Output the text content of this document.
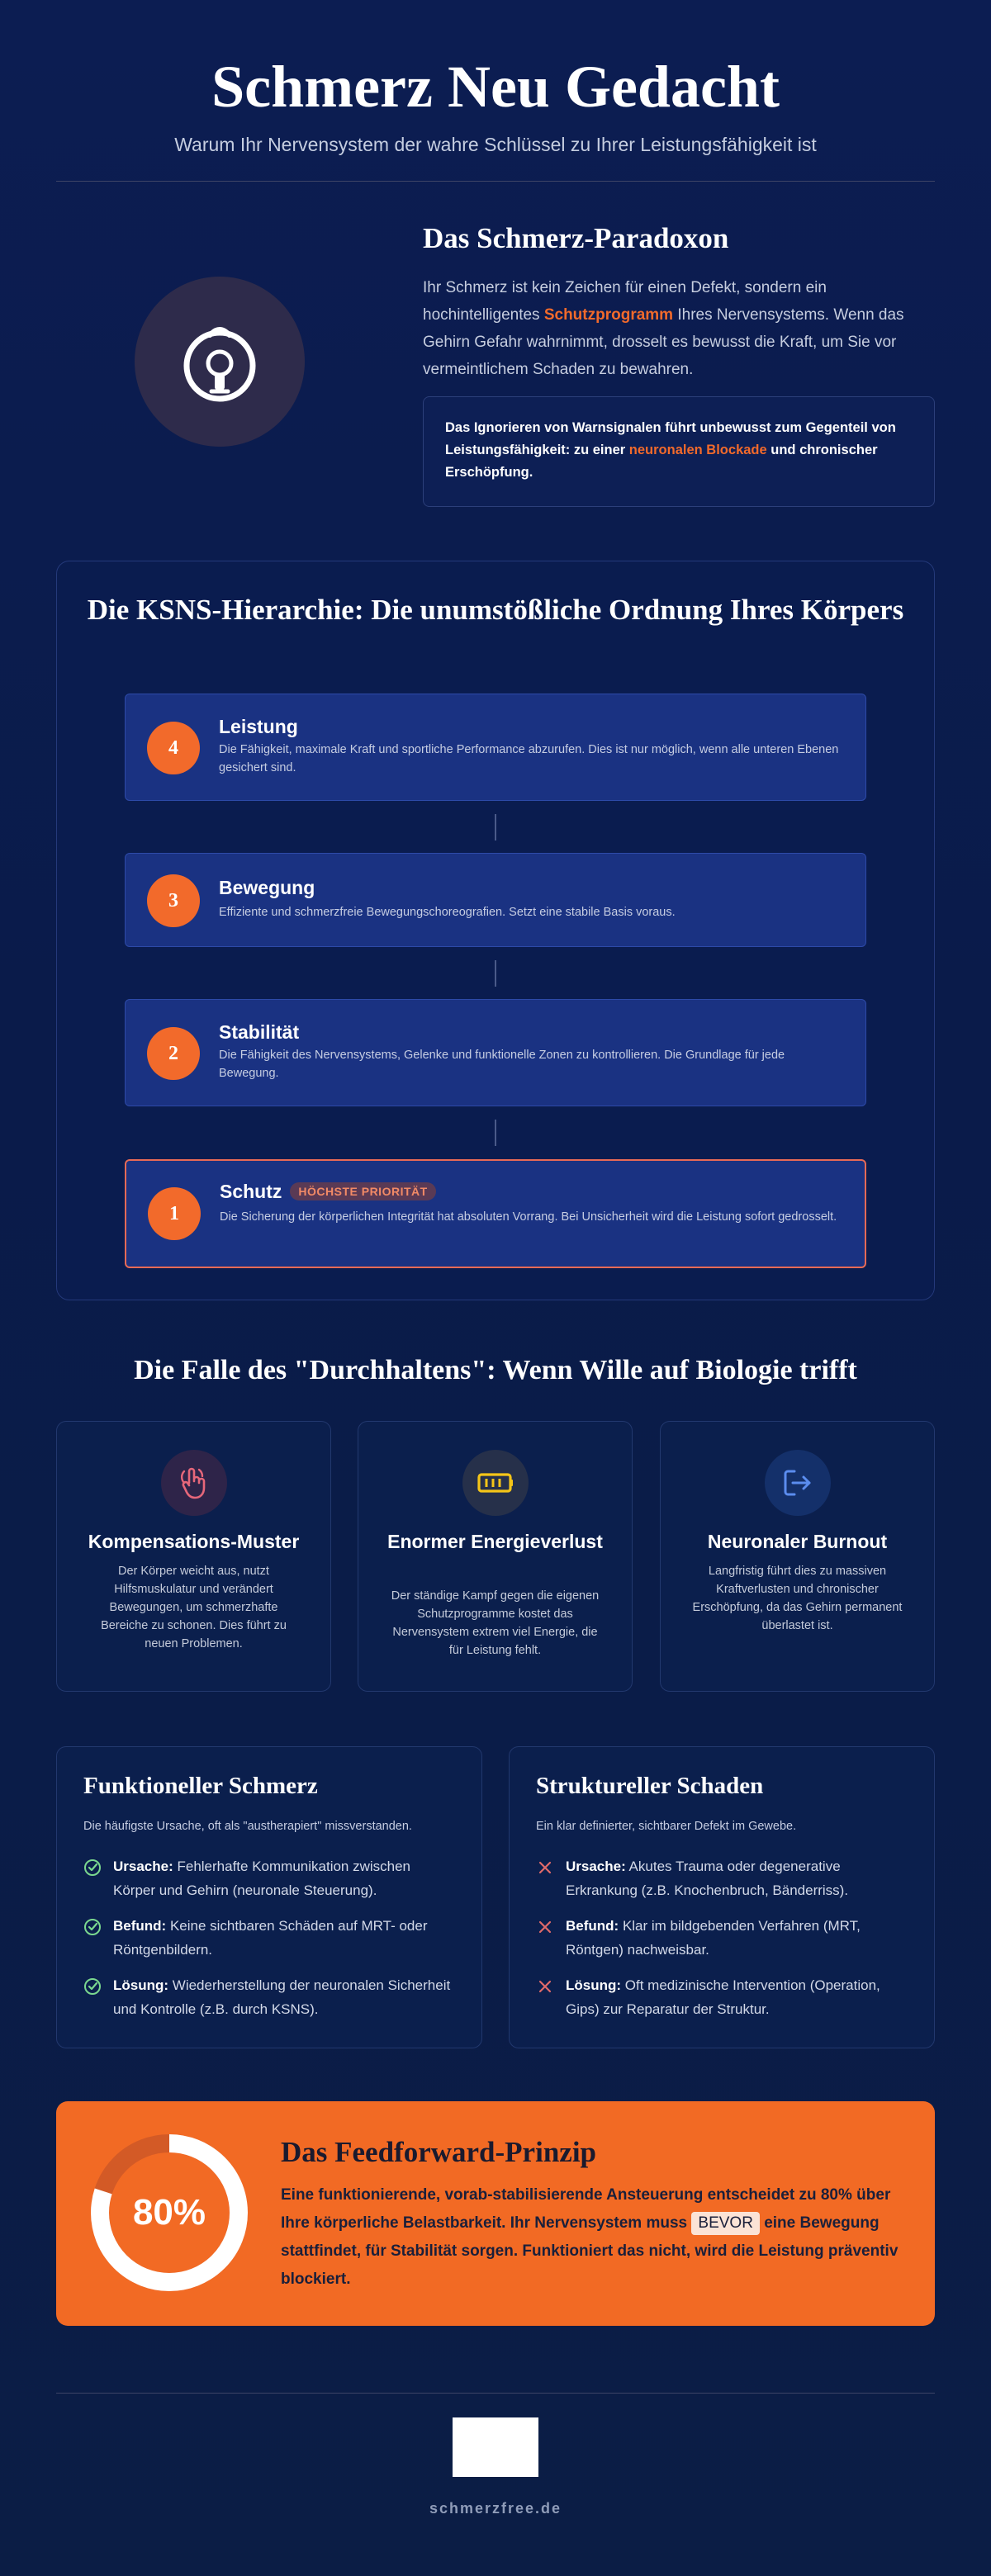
Schmerz Neu Gedacht

Warum Ihr Nervensystem der wahre Schlüssel zu Ihrer Leistungsfähigkeit ist

Das Schmerz-Paradoxon

Ihr Schmerz ist kein Zeichen für einen Defekt, sondern ein hochintelligentes Schutzprogramm Ihres Nervensystems. Wenn das Gehirn Gefahr wahrnimmt, drosselt es bewusst die Kraft, um Sie vor vermeintlichem Schaden zu bewahren.

Das Ignorieren von Warnsignalen führt unbewusst zum Gegenteil von Leistungsfähigkeit: zu einer neuronalen Blockade und chronischer Erschöpfung.
Die KSNS-Hierarchie: Die unumstößliche Ordnung Ihres Körpers
4
Leistung
Die Fähigkeit, maximale Kraft und sportliche Performance abzurufen. Dies ist nur möglich, wenn alle unteren Ebenen gesichert sind.
3
Bewegung
Effiziente und schmerzfreie Bewegungschoreografien. Setzt eine stabile Basis voraus.
2
Stabilität
Die Fähigkeit des Nervensystems, Gelenke und funktionelle Zonen zu kontrollieren. Die Grundlage für jede Bewegung.
1
Schutz HÖCHSTE PRIORITÄT
Die Sicherung der körperlichen Integrität hat absoluten Vorrang. Bei Unsicherheit wird die Leistung sofort gedrosselt.
Die Falle des "Durchhaltens": Wenn Wille auf Biologie trifft
Kompensations-Muster
Der Körper weicht aus, nutzt Hilfsmuskulatur und verändert Bewegungen, um schmerzhafte Bereiche zu schonen. Dies führt zu neuen Problemen.
Enormer Energieverlust
Der ständige Kampf gegen die eigenen Schutzprogramme kostet das Nervensystem extrem viel Energie, die für Leistung fehlt.
Neuronaler Burnout
Langfristig führt dies zu massiven Kraftverlusten und chronischer Erschöpfung, da das Gehirn permanent überlastet ist.
Funktioneller Schmerz

Die häufigste Ursache, oft als "austherapiert" missverstanden.

Ursache: Fehlerhafte Kommunikation zwischen Körper und Gehirn (neuronale Steuerung).
Befund: Keine sichtbaren Schäden auf MRT- oder Röntgenbildern.
Lösung: Wiederherstellung der neuronalen Sicherheit und Kontrolle (z.B. durch KSNS).
Struktureller Schaden

Ein klar definierter, sichtbarer Defekt im Gewebe.

Ursache: Akutes Trauma oder degenerative Erkrankung (z.B. Knochenbruch, Bänderriss).
Befund: Klar im bildgebenden Verfahren (MRT, Röntgen) nachweisbar.
Lösung: Oft medizinische Intervention (Operation, Gips) zur Reparatur der Struktur.
80%
Das Feedforward-Prinzip

Eine funktionierende, vorab-stabilisierende Ansteuerung entscheidet zu 80% über Ihre körperliche Belastbarkeit. Ihr Nervensystem muss BEVOR eine Bewegung stattfindet, für Stabilität sorgen. Funktioniert das nicht, wird die Leistung präventiv blockiert.

schmerzfree.de
